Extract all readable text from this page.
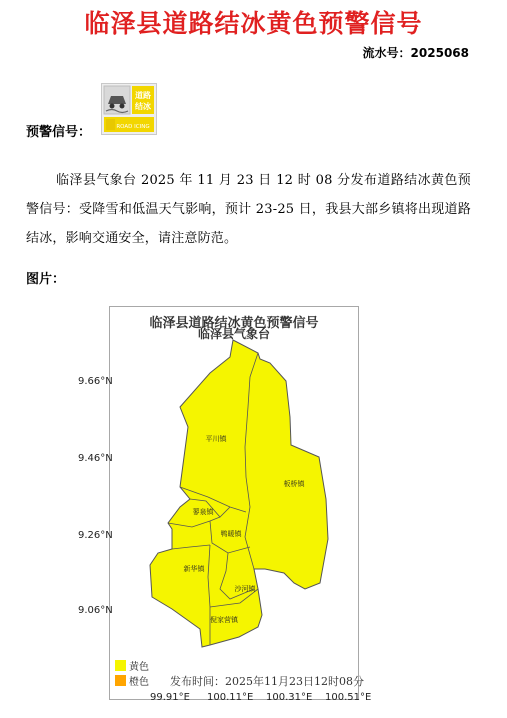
临泽县道路结冰黄色预警信号
流水号：2025068
预警信号：
道路
结冰
ROAD ICING
临泽县气象台 2025 年 11 月 23 日 12 时 08 分发布道路结冰黄色预警信号：受降雪和低温天气影响，预计 23-25 日，我县大部乡镇将出现道路结冰，影响交通安全，请注意防范。
图片：
平川镇
板桥镇
蓼泉镇
鸭暖镇
新华镇
沙河镇
倪家营镇
临泽县道路结冰黄色预警信号
临泽县气象台
9.66°N
9.46°N
9.26°N
9.06°N
99.91°E 100.11°E 100.31°E 100.51°E
黄色
橙色 发布时间：2025年11月23日12时08分
